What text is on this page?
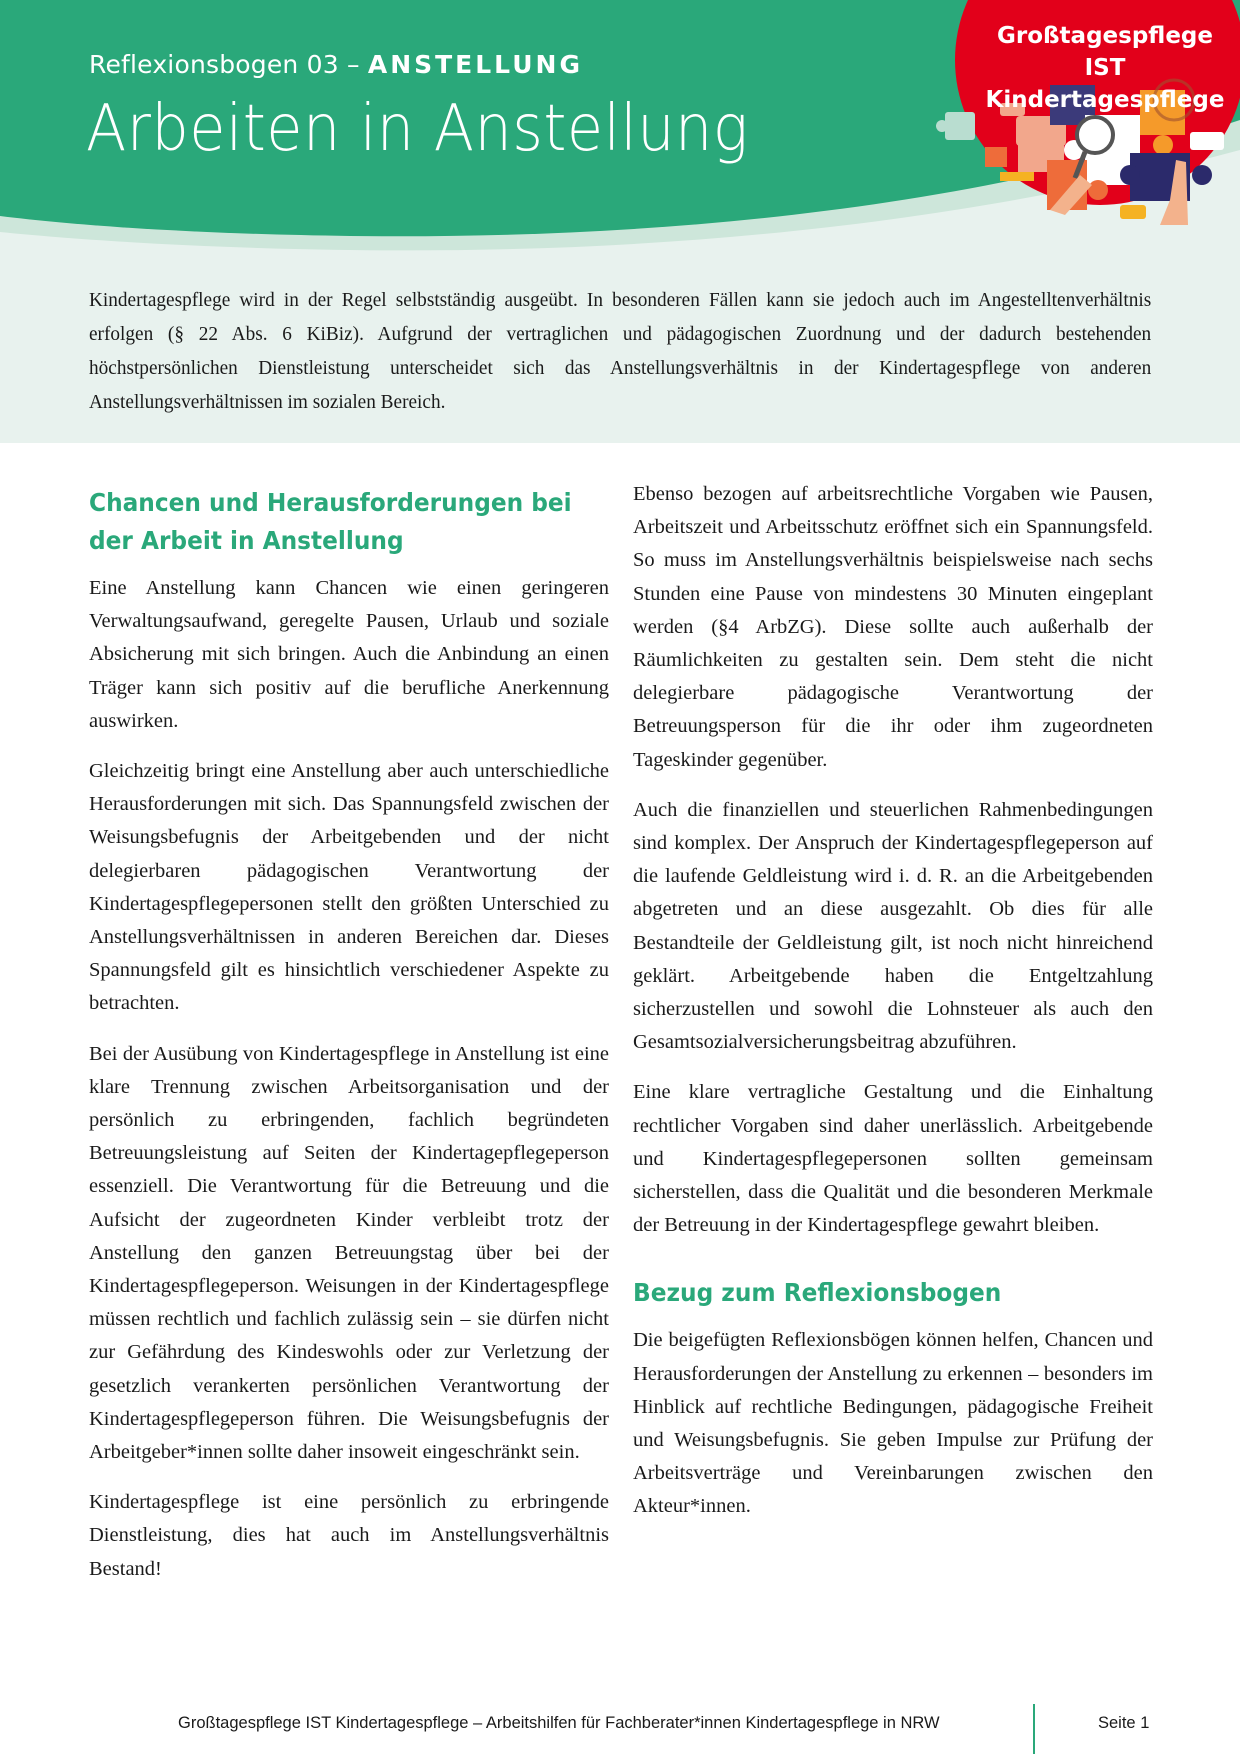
Reflexionsbogen 03 – ANSTELLUNG
Arbeiten in Anstellung
Großtagespflege IST
Kindertagespflege
Kindertagespflege wird in der Regel selbstständig ausgeübt. In besonderen Fällen kann sie jedoch auch im Angestelltenverhältnis erfolgen (§ 22 Abs. 6 KiBiz). Aufgrund der vertraglichen und pädagogischen Zuordnung und der dadurch bestehenden höchstpersönlichen Dienstleistung unterscheidet sich das Anstellungsverhältnis in der Kindertagespflege von anderen Anstellungsverhältnissen im sozialen Bereich.
Chancen und Herausforderungen bei der Arbeit in Anstellung

Eine Anstellung kann Chancen wie einen geringeren Verwaltungsaufwand, geregelte Pausen, Urlaub und soziale Absicherung mit sich bringen. Auch die Anbindung an einen Träger kann sich positiv auf die berufliche Anerkennung auswirken.

Gleichzeitig bringt eine Anstellung aber auch unterschiedliche Herausforderungen mit sich. Das Spannungsfeld zwischen der Weisungsbefugnis der Arbeitgebenden und der nicht delegierbaren pädagogischen Verantwortung der Kindertagespflegepersonen stellt den größten Unterschied zu Anstellungsverhältnissen in anderen Bereichen dar. Dieses Spannungsfeld gilt es hinsichtlich verschiedener Aspekte zu betrachten.

Bei der Ausübung von Kindertagespflege in Anstellung ist eine klare Trennung zwischen Arbeitsorganisation und der persönlich zu erbringenden, fachlich begründeten Betreuungsleistung auf Seiten der Kindertagepflegeperson essenziell. Die Verantwortung für die Betreuung und die Aufsicht der zugeordneten Kinder verbleibt trotz der Anstellung den ganzen Betreuungstag über bei der Kindertagespflegeperson. Weisungen in der Kindertagespflege müssen rechtlich und fachlich zulässig sein – sie dürfen nicht zur Gefährdung des Kindeswohls oder zur Verletzung der gesetzlich verankerten persönlichen Verantwortung der Kindertagespflegeperson führen. Die Weisungsbefugnis der Arbeitgeber*innen sollte daher insoweit eingeschränkt sein.

Kindertagespflege ist eine persönlich zu erbringende Dienstleistung, dies hat auch im Anstellungsverhältnis Bestand!

Ebenso bezogen auf arbeitsrechtliche Vorgaben wie Pausen, Arbeitszeit und Arbeitsschutz eröffnet sich ein Spannungsfeld. So muss im Anstellungsverhältnis beispielsweise nach sechs Stunden eine Pause von mindestens 30 Minuten eingeplant werden (§4 ArbZG). Diese sollte auch außerhalb der Räumlichkeiten zu gestalten sein. Dem steht die nicht delegierbare pädagogische Verantwortung der Betreuungsperson für die ihr oder ihm zugeordneten Tageskinder gegenüber.

Auch die finanziellen und steuerlichen Rahmenbedingungen sind komplex. Der Anspruch der Kindertagespflegeperson auf die laufende Geldleistung wird i. d. R. an die Arbeitgebenden abgetreten und an diese ausgezahlt. Ob dies für alle Bestandteile der Geldleistung gilt, ist noch nicht hinreichend geklärt. Arbeitgebende haben die Entgeltzahlung sicherzustellen und sowohl die Lohnsteuer als auch den Gesamtsozialversicherungsbeitrag abzuführen.

Eine klare vertragliche Gestaltung und die Einhaltung rechtlicher Vorgaben sind daher unerlässlich. Arbeitgebende und Kindertagespflegepersonen sollten gemeinsam sicherstellen, dass die Qualität und die besonderen Merkmale der Betreuung in der Kindertagespflege gewahrt bleiben.

Bezug zum Reflexionsbogen

Die beigefügten Reflexionsbögen können helfen, Chancen und Herausforderungen der Anstellung zu erkennen – besonders im Hinblick auf rechtliche Bedingungen, pädagogische Freiheit und Weisungsbefugnis. Sie geben Impulse zur Prüfung der Arbeitsverträge und Vereinbarungen zwischen den Akteur*innen.

Großtagespflege IST Kindertagespflege – Arbeitshilfen für Fachberater*innen Kindertagespflege in NRW	Seite 1
